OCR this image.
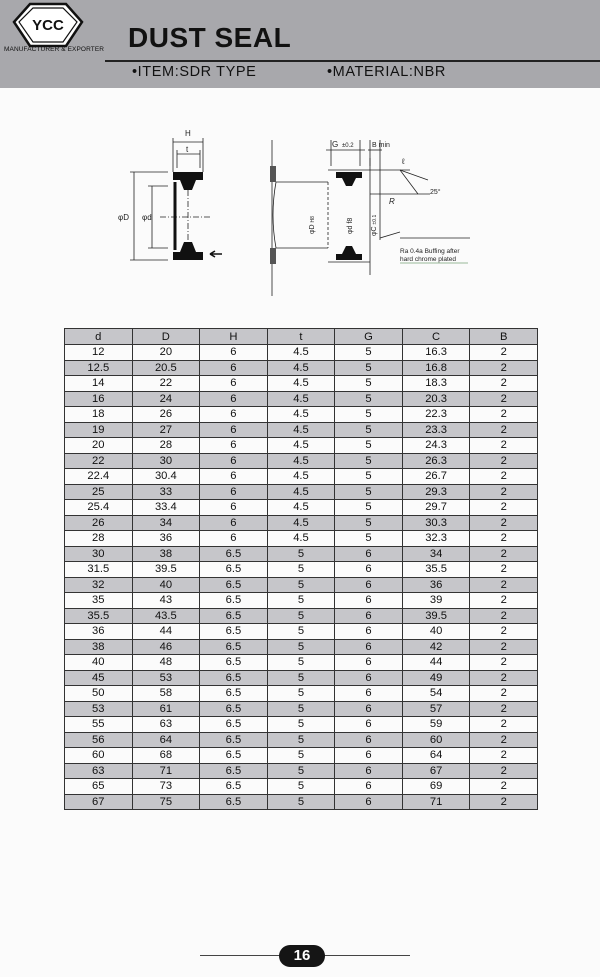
YCC
MANUFACTURER & EXPORTER DUST SEAL
•ITEM:SDR TYPE	•MATERIAL:NBR
H
t
φD φd
G ±0.2	B min
ℓ
25°
R
φD H8
φd f8
φC ±0.1
Ra 0.4a Buffing after
hard chrome plated
d	D	H	t	G	C	B
12	20	6	4.5	5	16.3	2
12.5	20.5	6	4.5	5	16.8	2
14	22	6	4.5	5	18.3	2
16	24	6	4.5	5	20.3	2
18	26	6	4.5	5	22.3	2
19	27	6	4.5	5	23.3	2
20	28	6	4.5	5	24.3	2
22	30	6	4.5	5	26.3	2
22.4	30.4	6	4.5	5	26.7	2
25	33	6	4.5	5	29.3	2
25.4	33.4	6	4.5	5	29.7	2
26	34	6	4.5	5	30.3	2
28	36	6	4.5	5	32.3	2
30	38	6.5	5	6	34	2
31.5	39.5	6.5	5	6	35.5	2
32	40	6.5	5	6	36	2
35	43	6.5	5	6	39	2
35.5	43.5	6.5	5	6	39.5	2
36	44	6.5	5	6	40	2
38	46	6.5	5	6	42	2
40	48	6.5	5	6	44	2
45	53	6.5	5	6	49	2
50	58	6.5	5	6	54	2
53	61	6.5	5	6	57	2
55	63	6.5	5	6	59	2
56	64	6.5	5	6	60	2
60	68	6.5	5	6	64	2
63	71	6.5	5	6	67	2
65	73	6.5	5	6	69	2
67	75	6.5	5	6	71	2
16
